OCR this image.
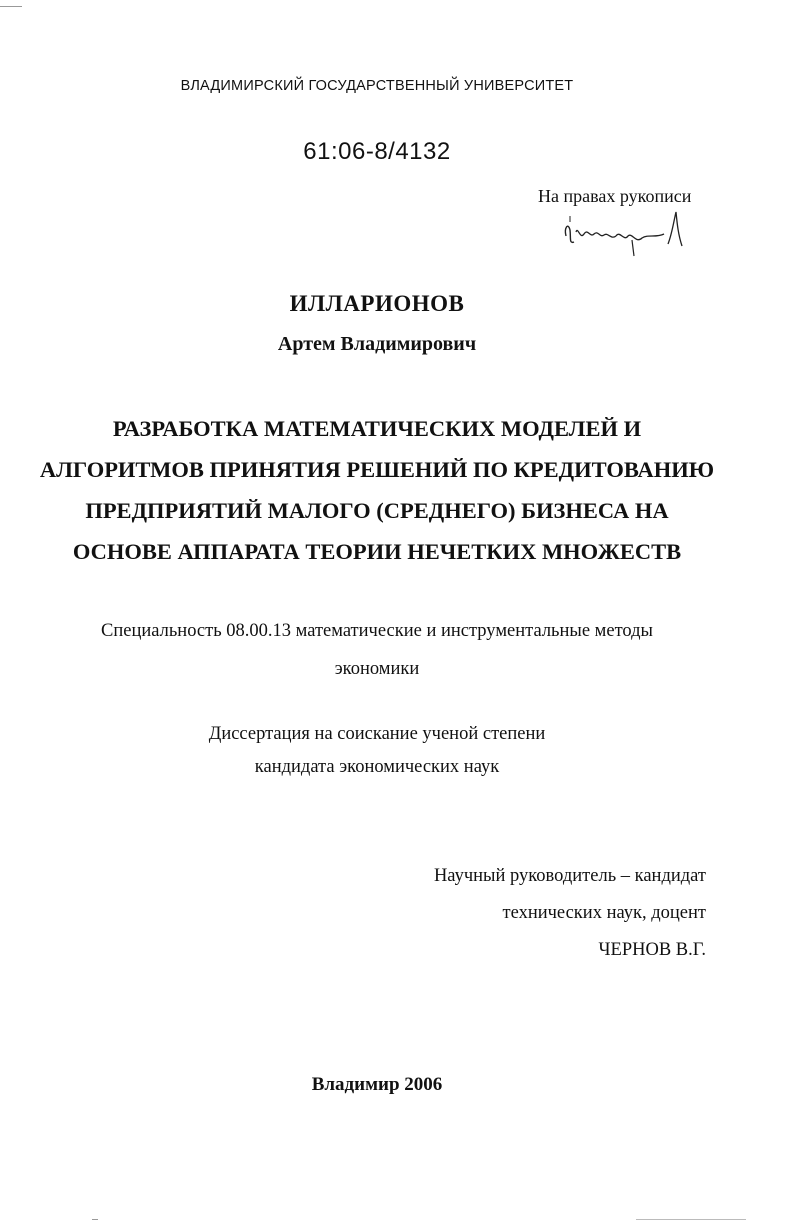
ВЛАДИМИРСКИЙ ГОСУДАРСТВЕННЫЙ УНИВЕРСИТЕТ
61:06-8/4132
На правах рукописи
ИЛЛАРИОНОВ
Артем Владимирович
РАЗРАБОТКА МАТЕМАТИЧЕСКИХ МОДЕЛЕЙ И
АЛГОРИТМОВ ПРИНЯТИЯ РЕШЕНИЙ ПО КРЕДИТОВАНИЮ
ПРЕДПРИЯТИЙ МАЛОГО (СРЕДНЕГО) БИЗНЕСА НА
ОСНОВЕ АППАРАТА ТЕОРИИ НЕЧЕТКИХ МНОЖЕСТВ
Специальность 08.00.13 математические и инструментальные методы
экономики
Диссертация на соискание ученой степени
кандидата экономических наук
Научный руководитель – кандидат
технических наук, доцент
ЧЕРНОВ В.Г.
Владимир 2006
